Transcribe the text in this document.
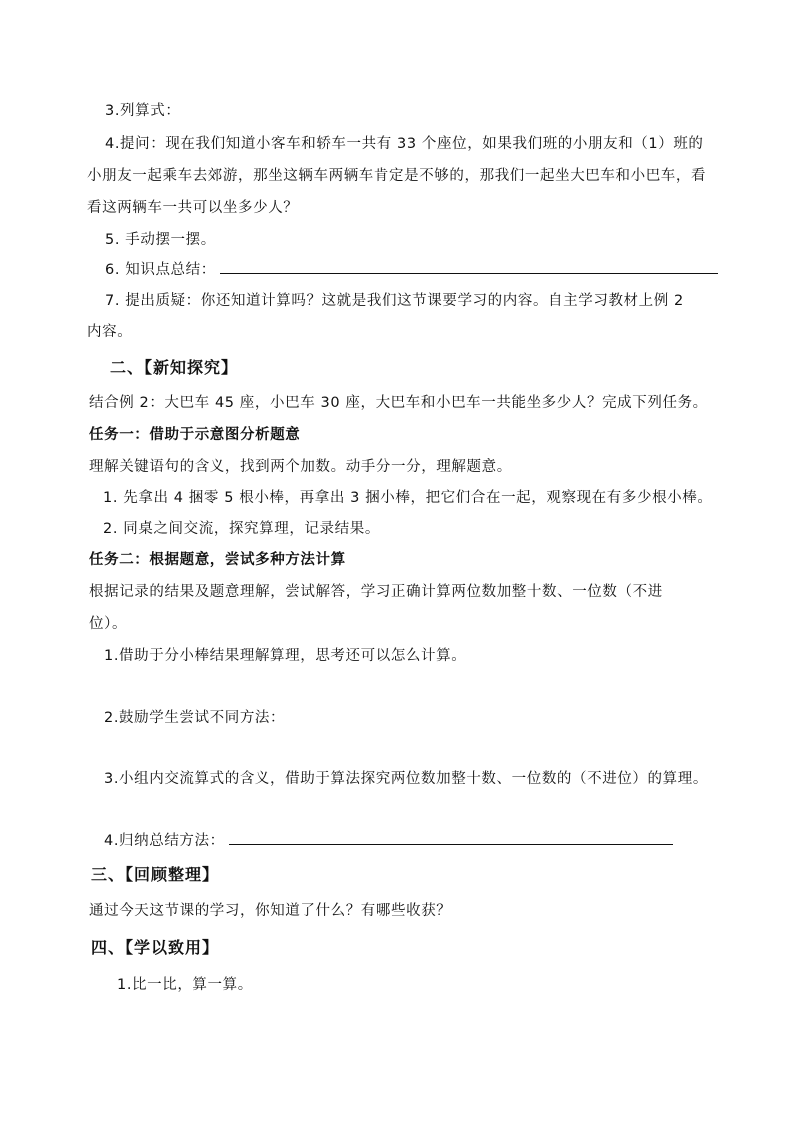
3.列算式：
4.提问：现在我们知道小客车和轿车一共有 33 个座位，如果我们班的小朋友和（1）班的
小朋友一起乘车去郊游，那坐这辆车两辆车肯定是不够的，那我们一起坐大巴车和小巴车，看
看这两辆车一共可以坐多少人？
5. 手动摆一摆。
6. 知识点总结：
7. 提出质疑：你还知道计算吗？这就是我们这节课要学习的内容。自主学习教材上例 2
内容。
二、【新知探究】
结合例 2：大巴车 45 座，小巴车 30 座，大巴车和小巴车一共能坐多少人？完成下列任务。
任务一：借助于示意图分析题意
理解关键语句的含义，找到两个加数。动手分一分，理解题意。
1. 先拿出 4 捆零 5 根小棒，再拿出 3 捆小棒，把它们合在一起，观察现在有多少根小棒。
2. 同桌之间交流，探究算理，记录结果。
任务二：根据题意，尝试多种方法计算
根据记录的结果及题意理解，尝试解答，学习正确计算两位数加整十数、一位数（不进
位）。
1.借助于分小棒结果理解算理，思考还可以怎么计算。
2.鼓励学生尝试不同方法：
3.小组内交流算式的含义，借助于算法探究两位数加整十数、一位数的（不进位）的算理。
4.归纳总结方法：
三、【回顾整理】
通过今天这节课的学习，你知道了什么？有哪些收获？
四、【学以致用】
1.比一比，算一算。
